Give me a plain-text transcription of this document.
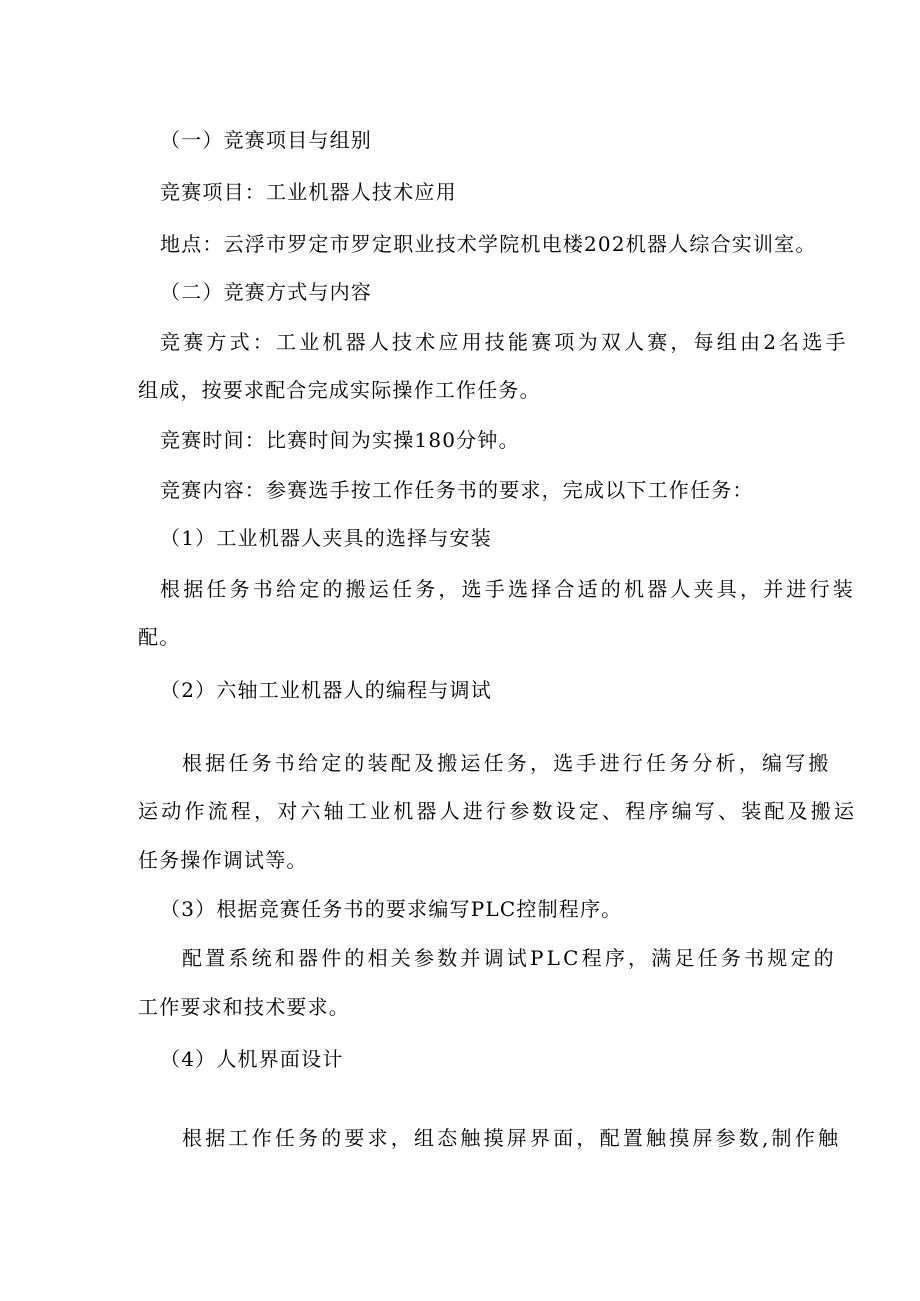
（一）竞赛项目与组别
竞赛项目：工业机器人技术应用
地点：云浮市罗定市罗定职业技术学院机电楼202机器人综合实训室。
（二）竞赛方式与内容
竞赛方式：工业机器人技术应用技能赛项为双人赛，每组由2名选手
组成，按要求配合完成实际操作工作任务。
竞赛时间：比赛时间为实操180分钟。
竞赛内容：参赛选手按工作任务书的要求，完成以下工作任务：
（1）工业机器人夹具的选择与安装
根据任务书给定的搬运任务，选手选择合适的机器人夹具，并进行装
配。
（2）六轴工业机器人的编程与调试
根据任务书给定的装配及搬运任务，选手进行任务分析，编写搬
运动作流程，对六轴工业机器人进行参数设定、程序编写、装配及搬运
任务操作调试等。
（3）根据竞赛任务书的要求编写PLC控制程序。
配置系统和器件的相关参数并调试PLC程序，满足任务书规定的
工作要求和技术要求。
（4）人机界面设计
根据工作任务的要求，组态触摸屏界面，配置触摸屏参数,制作触
